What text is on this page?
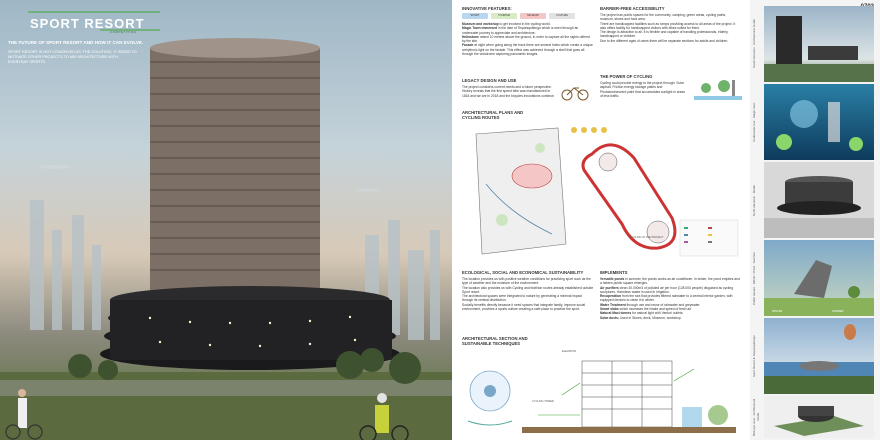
SPORT RESORT
COMPETITION
THE FUTURE OF SPORT RESORT AND HOW IT CAN EVOLVE.
SPORT RESORT IS NOT CONCEIVED AS 'THE SOLUTION', IT SEEKS TO MOTIVATE OTHER PROJECTS TO MIX ARCHITECTURE WITH EVERYDAY SPORTS.
INNOVATIVE FEATURES:
SPORT	TOURISM	MUSEUM	CULTURE
Museum and workshop to get involved in the cycling world.
Magic Town immersed in the lake of Tequesquitengo which is seen through an underwater journey to appreciate and architecture.
Heliostone raised 10 meters above the ground, in order to capture all the sights offered by the site.
Facade at night when going along the track there are several holes which create a unique arrhythmic light on the facade. This effect was achieved through a shell that goes all through the velodrome capturing panoramic images.
LEGACY DESIGN AND USE
The project considers current needs and a future perspective. History reveals that the first speed bike was manufactured in 1818 and we are in 2018 and the bicycles innovations continue.
BARRIER-FREE ACCESSIBILITY
The project has public spaces for the community, camping, green areas, cycling paths, museum, stores and food area.
There are handicapped facilities such as ramps providing access to all areas of the project. It also offers facility for handicapped visitors with bikes suited for them.
The design is attractive to all. It is flexible and capable of handling professionals, elderly, handicapped or children.
Due to the different ages of users there will be separate sections for adults and children.
THE POWER OF CYCLING
Cycling could provide energy to the project through: Solar asphalt, Friction energy storage plates and Photoluminescent paint that accumulates sunlight in areas of less traffic.
ARCHITECTURAL PLANS AND CYCLING ROUTES
CYCLING IN THE PROJECT
ECOLOGICAL, SOCIAL AND ECONOMICAL SUSTAINABILITY
The location provides us with positive weather conditions for practicing sport such as the type of weather and the moisture of the environment.
The location also provides us with Cycling and triathlon routes already established outside Sport resort.
The architectural spaces were integrated to nature by generating a minimal impact through its vertical distribution.
Socially benefits directly because it need spaces that integrate family, improve social environment, provides a sports culture creating a safe place to practice the sport.
IMPLEMENTS
Versatile ponds in summer, the ponds works as air conditioner. In winter, the pond empties and a hidden public square emerges.
Air purifiers clean 30.000m3 of polluted air per hour (128.000 people) disguised as cycling sculptures. Harmless waste is used in irrigation.
Recuperation from the sea that provides filtered rainwater to a central interior garden, with equipped devices to clean it in winter.
Water Treatment through use and reuse of rainwater and greywater.
Smart slabs which increases the intake and speed of fresh air.
Natural Maxi domes for natural light with Venturi outlets.
Solar ducts: Used in Stores, deck, Museum, workshop.
ARCHITECTURAL SECTION AND SUSTAINABLE TECHNIQUES
ELEVATION
CYCLING TOWER
South elevation · Architectural model
Underwater tour · Magic town
North elevation · Model
Public square · Winter / Pond · Summer
WINTER	SUMMER
Sport Resort & Tequesquitengo
Bird-eye view · Architectural model
